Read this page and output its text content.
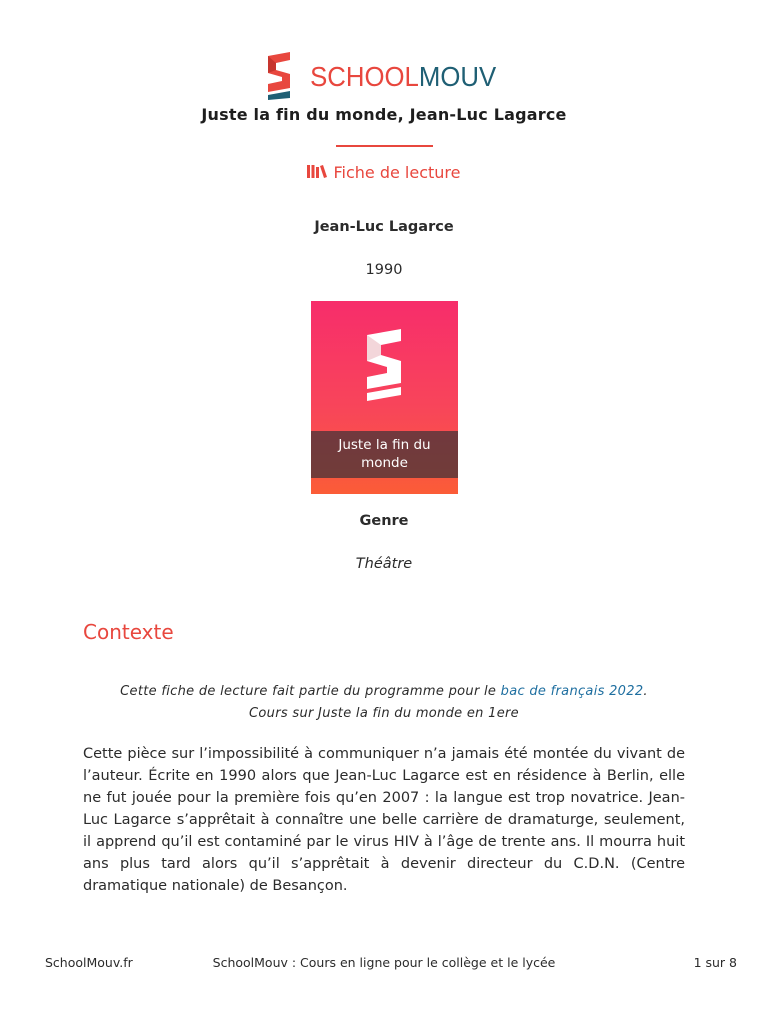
SCHOOLMOUV
Juste la fin du monde, Jean-Luc Lagarce
Fiche de lecture
Jean-Luc Lagarce
1990
Juste la fin du monde
Genre
Théâtre
Contexte
Cette fiche de lecture fait partie du programme pour le bac de français 2022.
Cours sur Juste la fin du monde en 1ere
Cette pièce sur l’impossibilité à communiquer n’a jamais été montée du vivant de l’auteur. Écrite en 1990 alors que Jean-Luc Lagarce est en résidence à Berlin, elle ne fut jouée pour la première fois qu’en 2007 : la langue est trop novatrice. Jean-Luc Lagarce s’apprêtait à connaître une belle carrière de dramaturge, seulement, il apprend qu’il est contaminé par le virus HIV à l’âge de trente ans. Il mourra huit ans plus tard alors qu’il s’apprêtait à devenir directeur du C.D.N. (Centre dramatique nationale) de Besançon.
SchoolMouv.fr	SchoolMouv : Cours en ligne pour le collège et le lycée	1 sur 8
